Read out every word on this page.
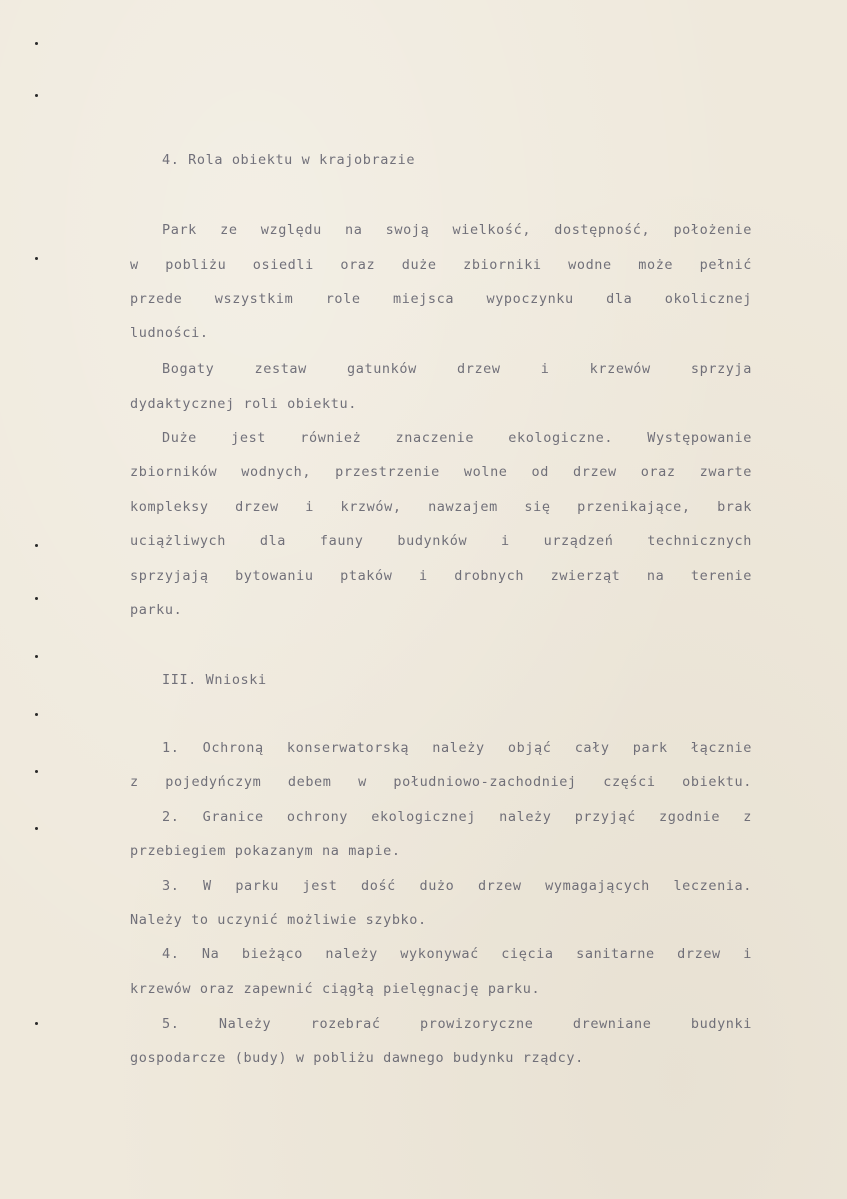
4. Rola obiektu w krajobrazie
Park ze względu na swoją wielkość, dostępność, położenie
w pobliżu osiedli oraz duże zbiorniki wodne może pełnić
przede wszystkim role miejsca wypoczynku dla okolicznej
ludności.
Bogaty zestaw gatunków drzew i krzewów sprzyja
dydaktycznej roli obiektu.
Duże jest również znaczenie ekologiczne. Występowanie
zbiorników wodnych, przestrzenie wolne od drzew oraz zwarte
kompleksy drzew i krzwów, nawzajem się przenikające, brak
uciążliwych dla fauny budynków i urządzeń technicznych
sprzyjają bytowaniu ptaków i drobnych zwierząt na terenie
parku.
III. Wnioski
1. Ochroną konserwatorską należy objąć cały park łącznie
z pojedyńczym debem w południowo-zachodniej części obiektu.
2. Granice ochrony ekologicznej należy przyjąć zgodnie z
przebiegiem pokazanym na mapie.
3. W parku jest dość dużo drzew wymagających leczenia.
Należy to uczynić możliwie szybko.
4. Na bieżąco należy wykonywać cięcia sanitarne drzew i
krzewów oraz zapewnić ciągłą pielęgnację parku.
5. Należy rozebrać prowizoryczne drewniane budynki
gospodarcze (budy) w pobliżu dawnego budynku rządcy.
